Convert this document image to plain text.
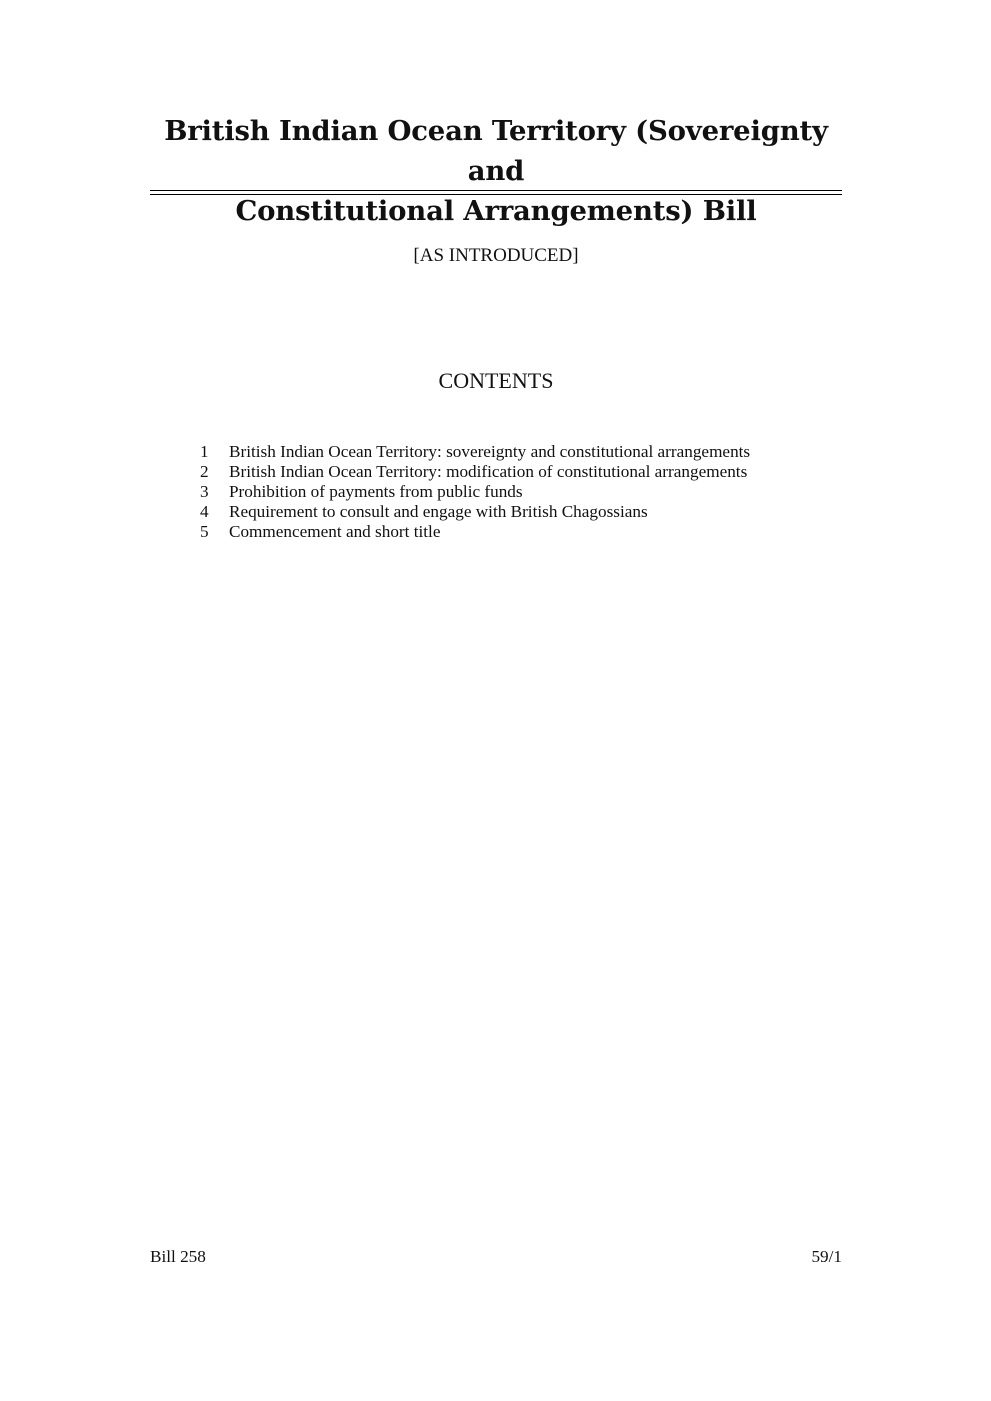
British Indian Ocean Territory (Sovereignty and
Constitutional Arrangements) Bill
[AS INTRODUCED]
CONTENTS
1	British Indian Ocean Territory: sovereignty and constitutional arrangements
2	British Indian Ocean Territory: modification of constitutional arrangements
3	Prohibition of payments from public funds
4	Requirement to consult and engage with British Chagossians
5	Commencement and short title
Bill 258	59/1
